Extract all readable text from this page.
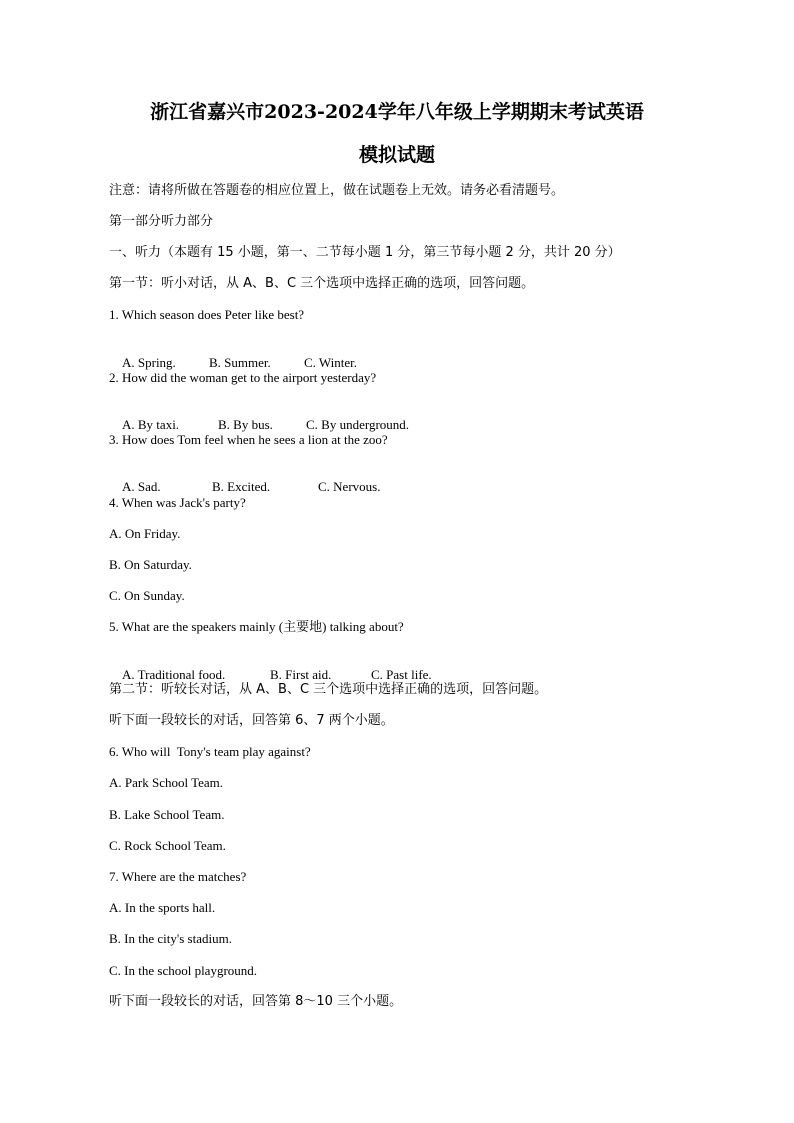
浙江省嘉兴市2023-2024学年八年级上学期期末考试英语
模拟试题
注意：请将所做在答题卷的相应位置上，做在试题卷上无效。请务必看清题号。
第一部分听力部分
一、听力（本题有 15 小题，第一、二节每小题 1 分，第三节每小题 2 分，共计 20 分）
第一节：听小对话，从 A、B、C 三个选项中选择正确的选项，回答问题。
1. Which season does Peter like best?

A. Spring.	B. Summer.	C. Winter.

2. How did the woman get to the airport yesterday?

A. By taxi.	B. By bus.	C. By underground.

3. How does Tom feel when he sees a lion at the zoo?

A. Sad.	B. Excited.	C. Nervous.

4. When was Jack's party?
A. On Friday.
B. On Saturday.
C. On Sunday.
5. What are the speakers mainly (主要地) talking about?

A. Traditional food.	B. First aid.	C. Past life.

第二节：听较长对话，从 A、B、C 三个选项中选择正确的选项，回答问题。
听下面一段较长的对话，回答第 6、7 两个小题。
6. Who will  Tony's team play against?
A. Park School Team.
B. Lake School Team.
C. Rock School Team.
7. Where are the matches?
A. In the sports hall.
B. In the city's stadium.
C. In the school playground.
听下面一段较长的对话，回答第 8～10 三个小题。
